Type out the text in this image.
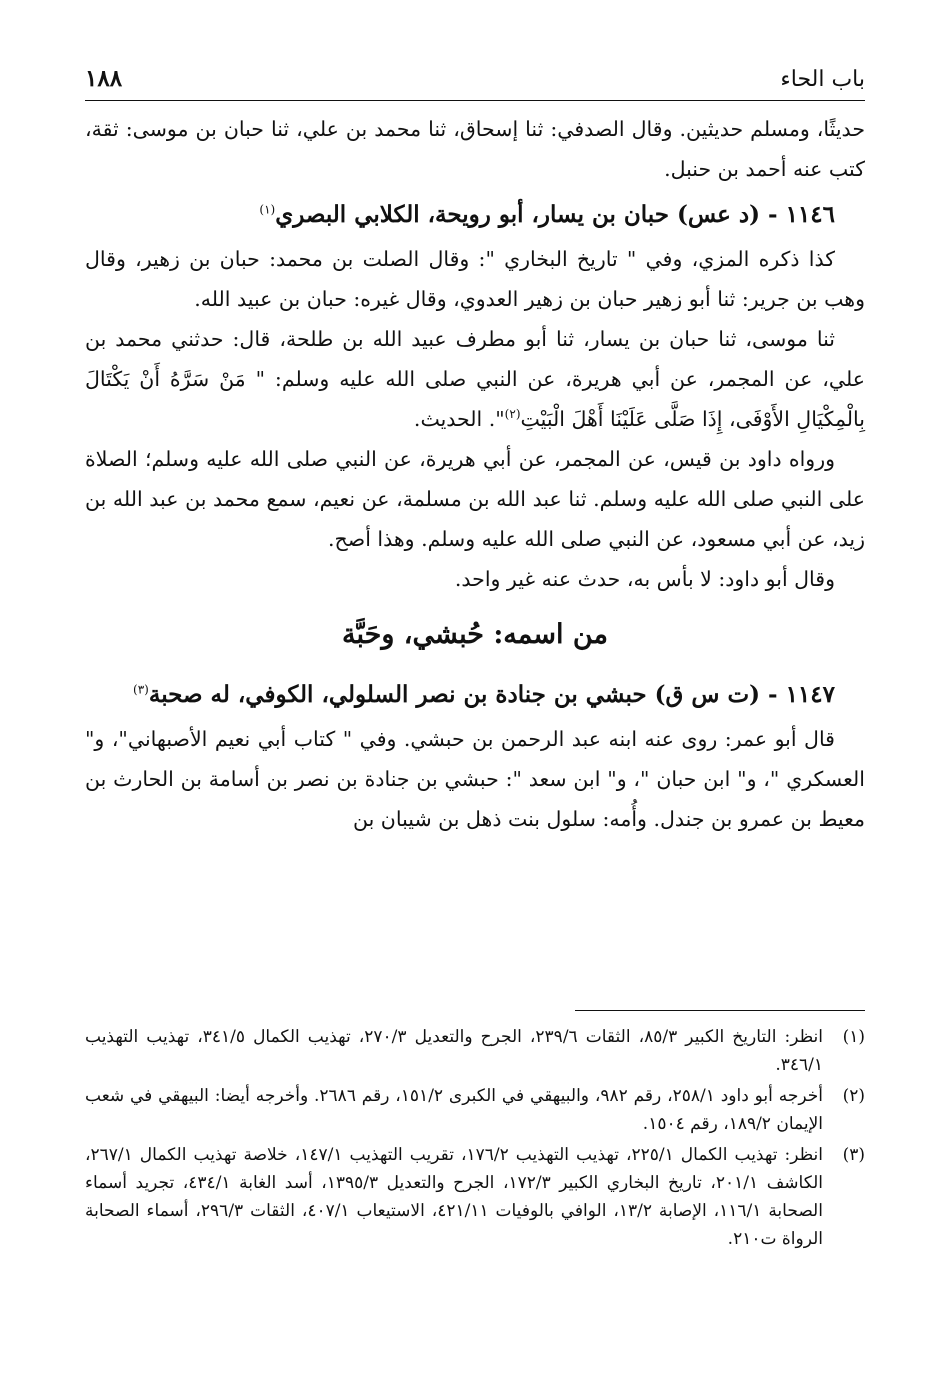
باب الحاء
١٨٨

حديثًا، ومسلم حديثين. وقال الصدفي: ثنا إسحاق، ثنا محمد بن علي، ثنا حبان بن موسى: ثقة، كتب عنه أحمد بن حنبل.

١١٤٦ - (د عس) حبان بن يسار، أبو رويحة، الكلابي البصري$^{(١)}$

كذا ذكره المزي، وفي " تاريخ البخاري ": وقال الصلت بن محمد: حبان بن زهير، وقال وهب بن جرير: ثنا أبو زهير حبان بن زهير العدوي، وقال غيره: حبان بن عبيد الله.

ثنا موسى، ثنا حبان بن يسار، ثنا أبو مطرف عبيد الله بن طلحة، قال: حدثني محمد بن علي، عن المجمر، عن أبي هريرة، عن النبي صلى الله عليه وسلم: " مَنْ سَرَّهُ أَنْ يَكْتَالَ بِالْمِكْيَالِ الأَوْفَى، إِذَا صَلَّى عَلَيْنَا أَهْلَ الْبَيْتِ$^{(٢)}$". الحديث.

ورواه داود بن قيس، عن المجمر، عن أبي هريرة، عن النبي صلى الله عليه وسلم؛ الصلاة على النبي صلى الله عليه وسلم. ثنا عبد الله بن مسلمة، عن نعيم، سمع محمد بن عبد الله بن زيد، عن أبي مسعود، عن النبي صلى الله عليه وسلم. وهذا أصح.

وقال أبو داود: لا بأس به، حدث عنه غير واحد.

من اسمه: حُبشي، وحَبَّة
١١٤٧ - (ت س ق) حبشي بن جنادة بن نصر السلولي، الكوفي، له صحبة$^{(٣)}$

قال أبو عمر: روى عنه ابنه عبد الرحمن بن حبشي. وفي " كتاب أبي نعيم الأصبهاني"، و" العسكري "، و" ابن حبان "، و" ابن سعد ": حبشي بن جنادة بن نصر بن أسامة بن الحارث بن معيط بن عمرو بن جندل. وأُمه: سلول بنت ذهل بن شيبان بن

(١)
انظر: التاريخ الكبير ٨٥/٣، الثقات ٢٣٩/٦، الجرح والتعديل ٢٧٠/٣، تهذيب الكمال ٣٤١/٥، تهذيب التهذيب ٣٤٦/١.
(٢)
أخرجه أبو داود ٢٥٨/١، رقم ٩٨٢، والبيهقي في الكبرى ١٥١/٢، رقم ٢٦٨٦. وأخرجه أيضا: البيهقي في شعب الإيمان ١٨٩/٢، رقم ١٥٠٤.
(٣)
انظر: تهذيب الكمال ٢٢٥/١، تهذيب التهذيب ١٧٦/٢، تقريب التهذيب ١٤٧/١، خلاصة تهذيب الكمال ٢٦٧/١، الكاشف ٢٠١/١، تاريخ البخاري الكبير ١٧٢/٣، الجرح والتعديل ١٣٩٥/٣، أسد الغابة ٤٣٤/١، تجريد أسماء الصحابة ١١٦/١، الإصابة ١٣/٢، الوافي بالوفيات ٤٢١/١١، الاستيعاب ٤٠٧/١، الثقات ٢٩٦/٣، أسماء الصحابة الرواة ت٢١٠.
